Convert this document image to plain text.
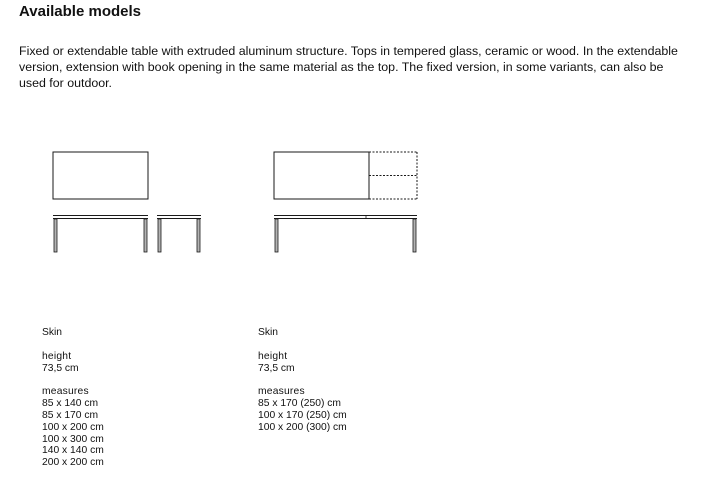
Available models
Fixed or extendable table with extruded aluminum structure. Tops in tempered glass, ceramic or wood. In the extendable version, extension with book opening in the same material as the top. The fixed version, in some variants, can also be used for outdoor.
Skin
height
73,5 cm
measures
85 x 140 cm
85 x 170 cm
100 x 200 cm
100 x 300 cm
140 x 140 cm
200 x 200 cm
Skin
height
73,5 cm
measures
85 x 170 (250) cm
100 x 170 (250) cm
100 x 200 (300) cm
